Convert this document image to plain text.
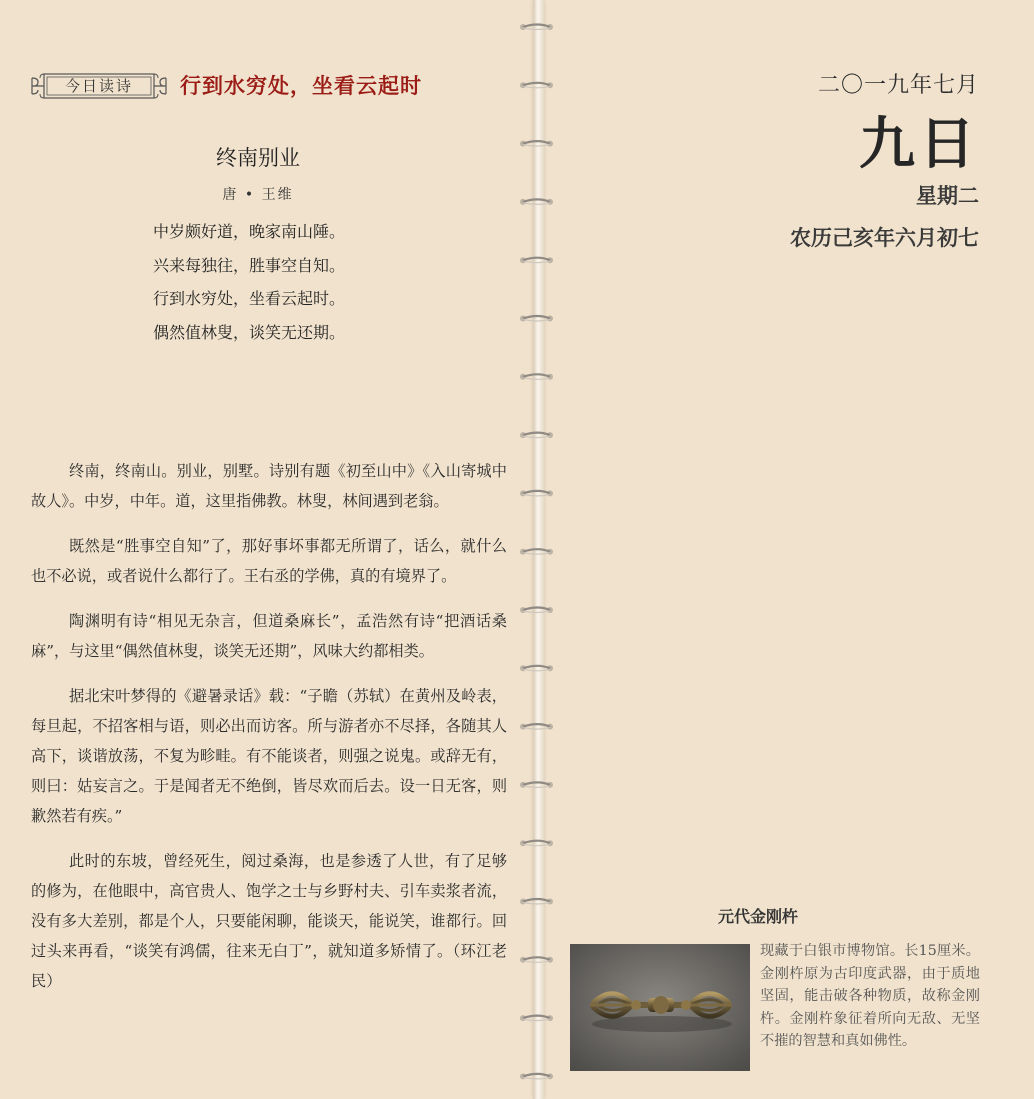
今日读诗	行到水穷处，坐看云起时
终南别业
唐 • 王维
中岁颇好道，晚家南山陲。
兴来每独往，胜事空自知。
行到水穷处，坐看云起时。
偶然值林叟，谈笑无还期。

终南，终南山。别业，别墅。诗别有题《初至山中》《入山寄城中故人》。中岁，中年。道，这里指佛教。林叟，林间遇到老翁。

既然是“胜事空自知”了，那好事坏事都无所谓了，话么，就什么也不必说，或者说什么都行了。王右丞的学佛，真的有境界了。

陶渊明有诗“相见无杂言，但道桑麻长”，孟浩然有诗“把酒话桑麻”，与这里“偶然值林叟，谈笑无还期”，风味大约都相类。

据北宋叶梦得的《避暑录话》载：“子瞻（苏轼）在黄州及岭表，每旦起，不招客相与语，则必出而访客。所与游者亦不尽择，各随其人高下，谈谐放荡，不复为畛畦。有不能谈者，则强之说鬼。或辞无有，则曰：姑妄言之。于是闻者无不绝倒，皆尽欢而后去。设一日无客，则歉然若有疾。”

此时的东坡，曾经死生，阅过桑海，也是参透了人世，有了足够的修为，在他眼中，高官贵人、饱学之士与乡野村夫、引车卖浆者流，没有多大差别，都是个人，只要能闲聊，能谈天，能说笑，谁都行。回过头来再看，“谈笑有鸿儒，往来无白丁”，就知道多矫情了。（环江老民）

二〇一九年七月
九日
星期二
农历己亥年六月初七
元代金刚杵
现藏于白银市博物馆。长15厘米。金刚杵原为古印度武器，由于质地坚固，能击破各种物质，故称金刚杵。金刚杵象征着所向无敌、无坚不摧的智慧和真如佛性。
